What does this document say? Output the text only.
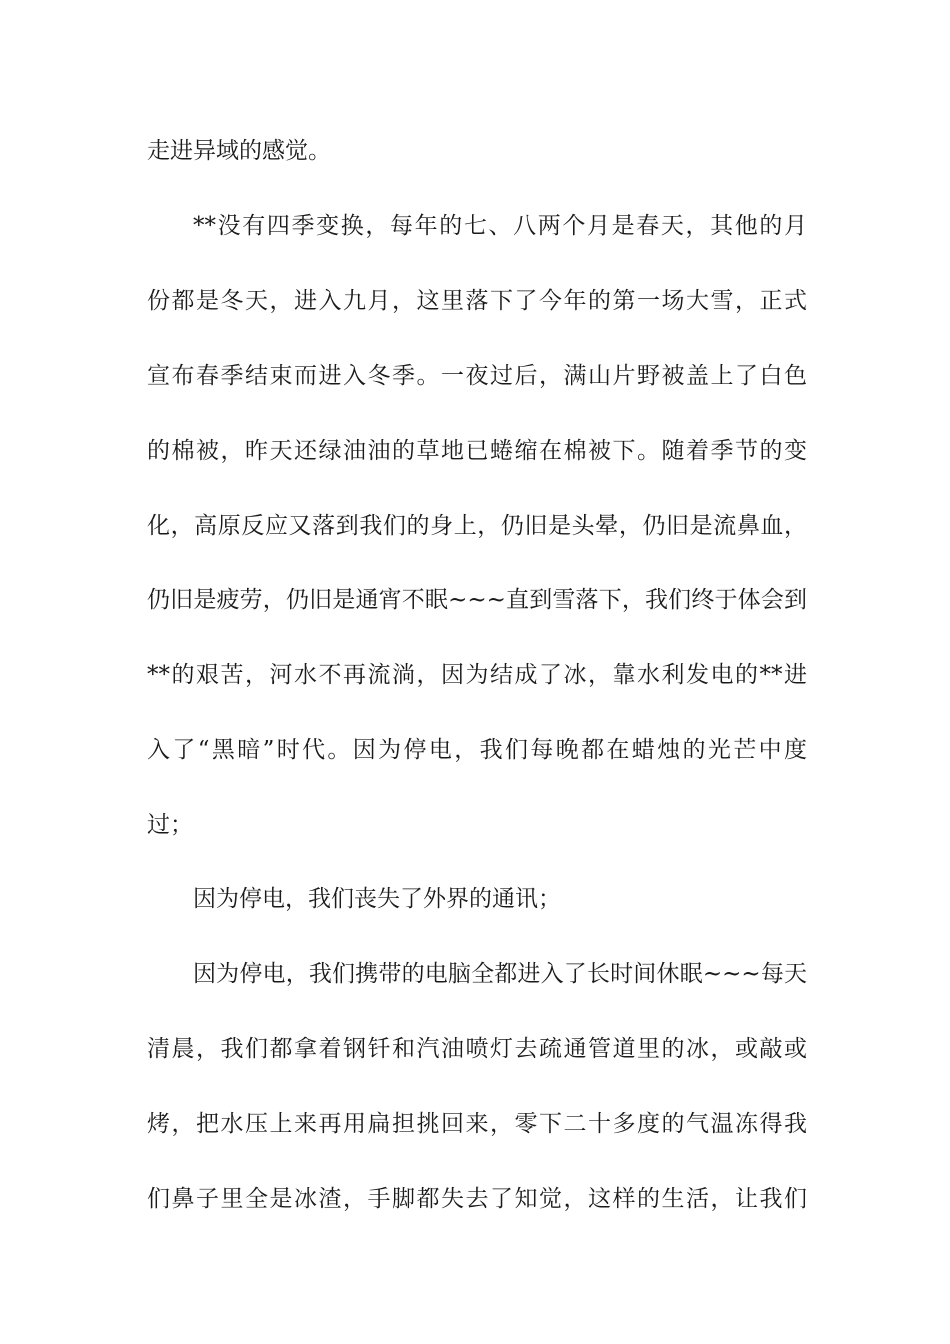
走进异域的感觉。
**没有四季变换，每年的七、八两个月是春天，其他的月
份都是冬天，进入九月，这里落下了今年的第一场大雪，正式
宣布春季结束而进入冬季。一夜过后，满山片野被盖上了白色
的棉被，昨天还绿油油的草地已蜷缩在棉被下。随着季节的变
化，高原反应又落到我们的身上，仍旧是头晕，仍旧是流鼻血，
仍旧是疲劳，仍旧是通宵不眠~~~直到雪落下，我们终于体会到
**的艰苦，河水不再流淌，因为结成了冰，靠水利发电的**进
入了“黑暗”时代。因为停电，我们每晚都在蜡烛的光芒中度
过；
因为停电，我们丧失了外界的通讯；
因为停电，我们携带的电脑全都进入了长时间休眠~~~每天
清晨，我们都拿着钢钎和汽油喷灯去疏通管道里的冰，或敲或
烤，把水压上来再用扁担挑回来，零下二十多度的气温冻得我
们鼻子里全是冰渣，手脚都失去了知觉，这样的生活，让我们
